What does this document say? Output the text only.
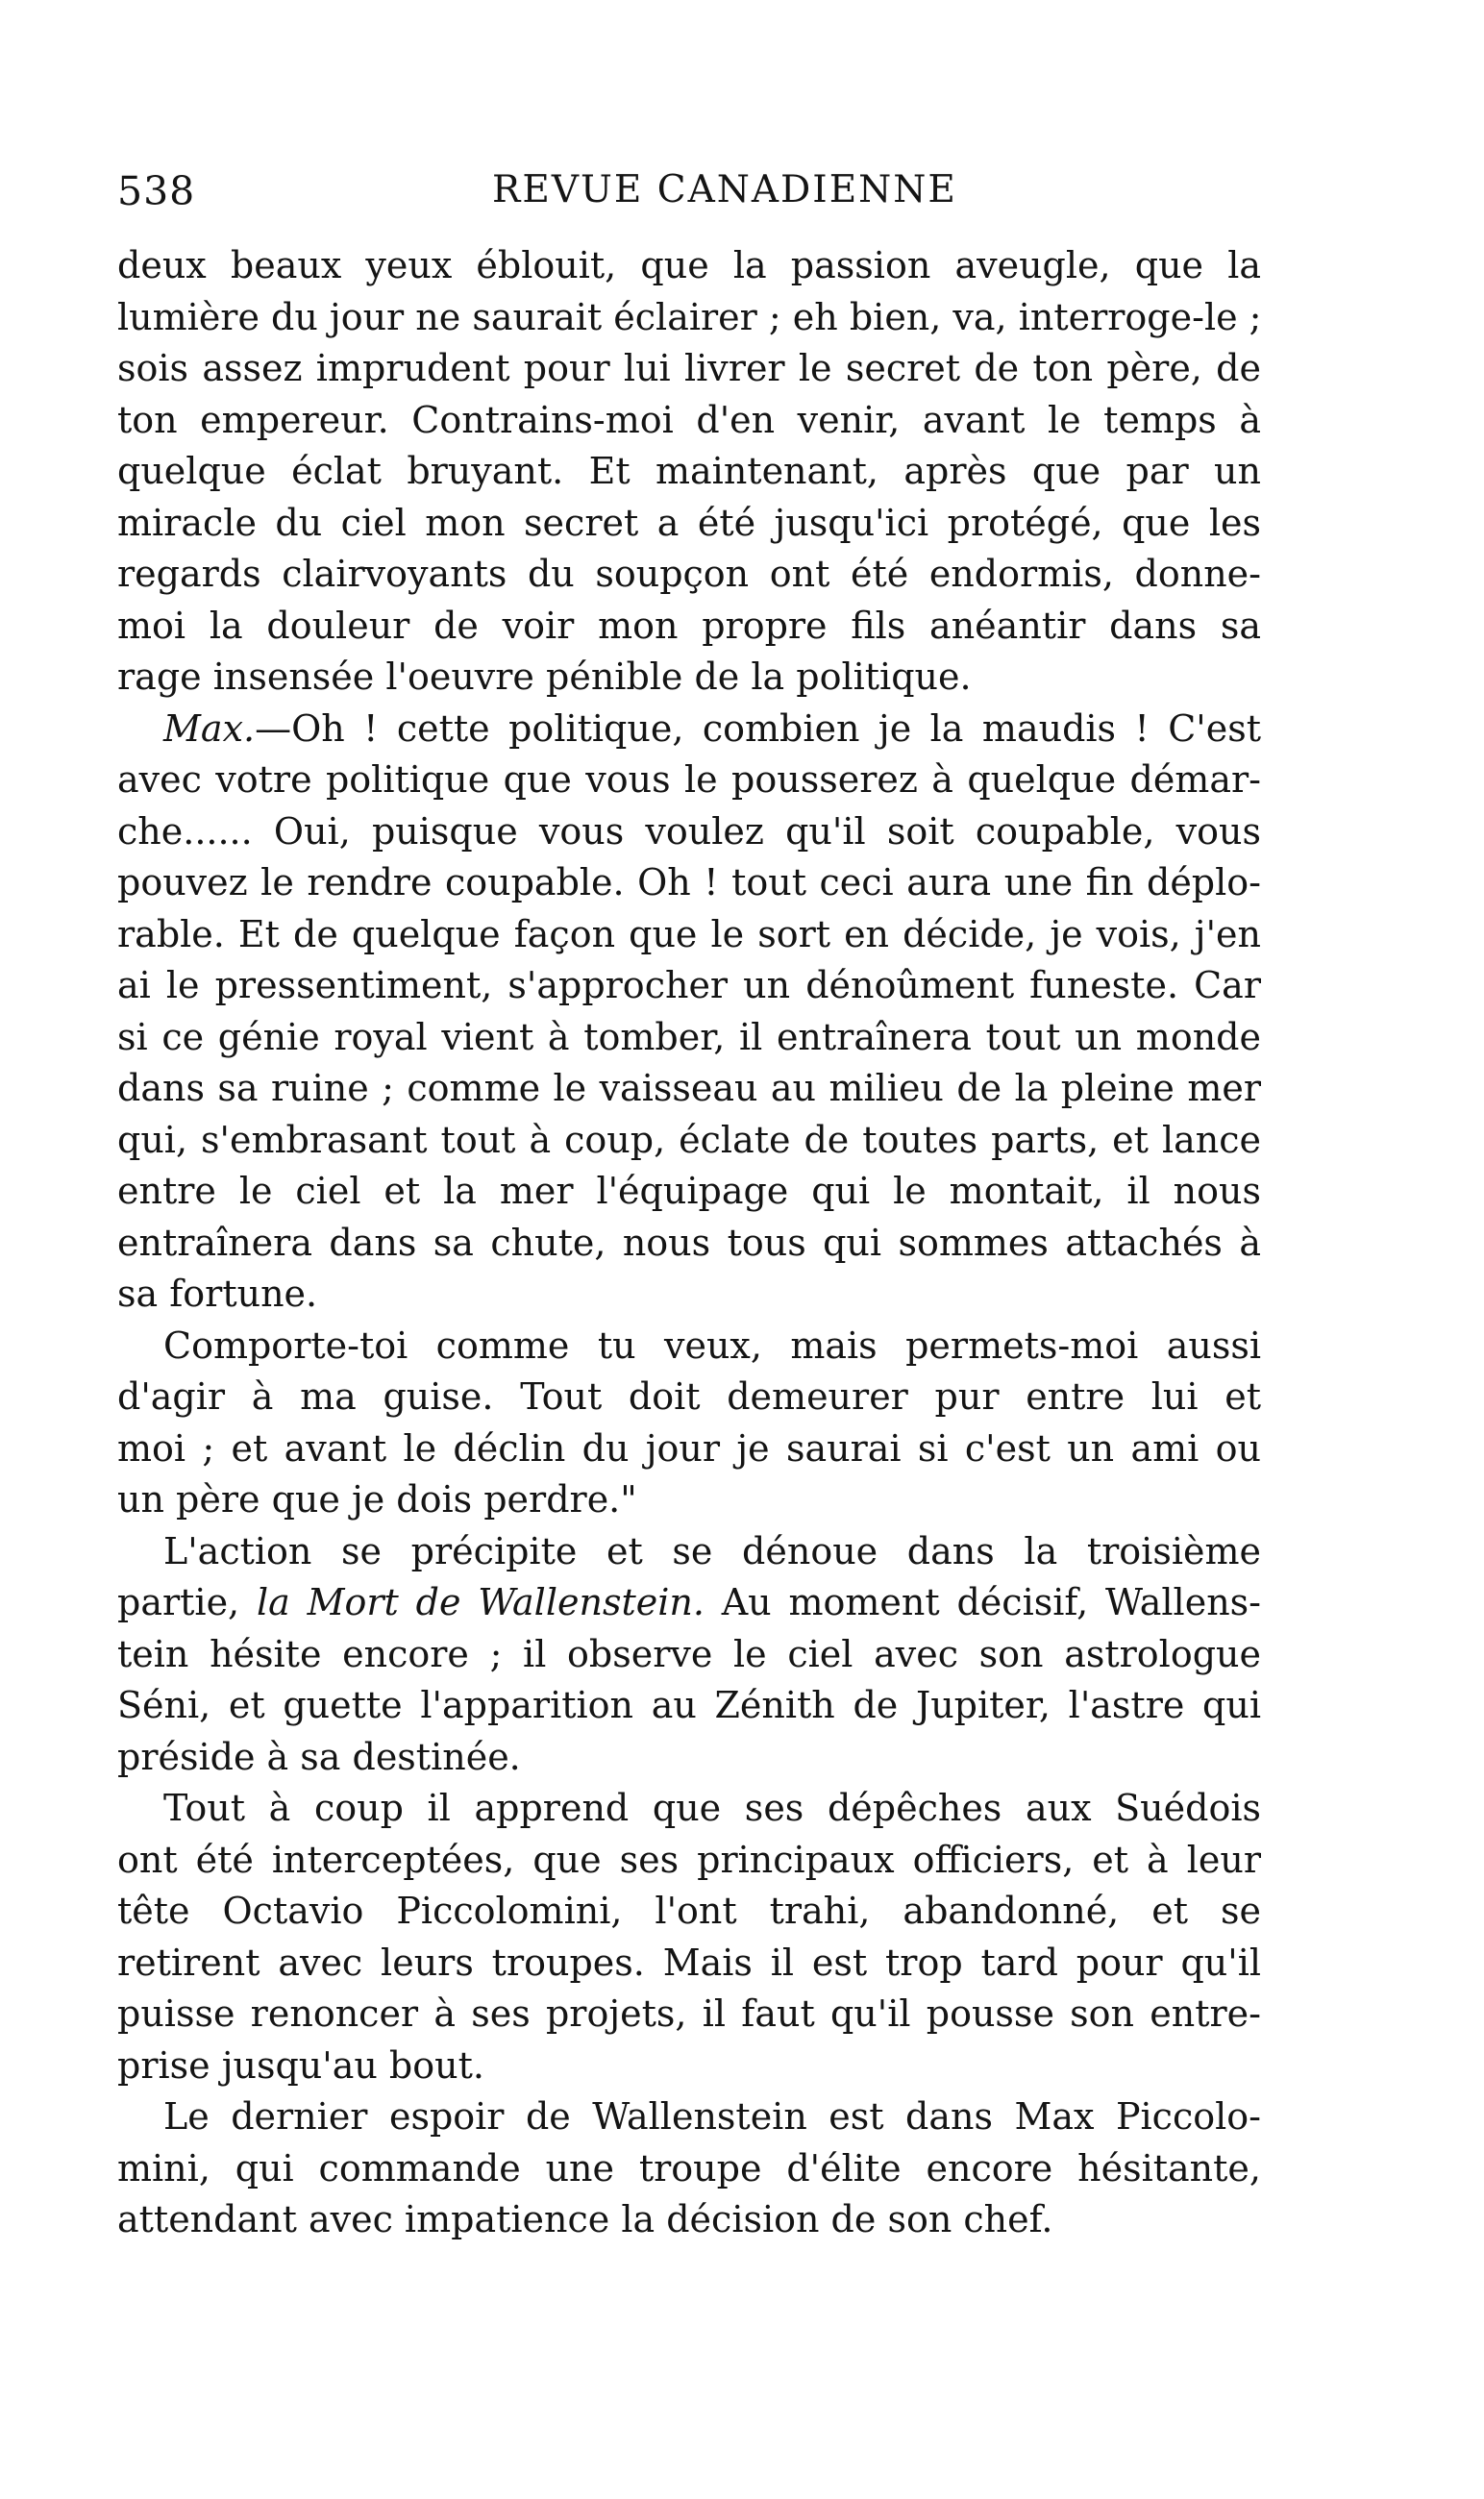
538	REVUE CANADIENNE
deux beaux yeux éblouit, que la passion aveugle, que la
lumière du jour ne saurait éclairer ; eh bien, va, interroge-le ;
sois assez imprudent pour lui livrer le secret de ton père, de
ton empereur. Contrains-moi d'en venir, avant le temps à
quelque éclat bruyant. Et maintenant, après que par un
miracle du ciel mon secret a été jusqu'ici protégé, que les
regards clairvoyants du soupçon ont été endormis, donne-
moi la douleur de voir mon propre fils anéantir dans sa
rage insensée l'oeuvre pénible de la politique.
Max.—Oh ! cette politique, combien je la maudis ! C'est
avec votre politique que vous le pousserez à quelque démar-
che...... Oui, puisque vous voulez qu'il soit coupable, vous
pouvez le rendre coupable. Oh ! tout ceci aura une fin déplo-
rable. Et de quelque façon que le sort en décide, je vois, j'en
ai le pressentiment, s'approcher un dénoûment funeste. Car
si ce génie royal vient à tomber, il entraînera tout un monde
dans sa ruine ; comme le vaisseau au milieu de la pleine mer
qui, s'embrasant tout à coup, éclate de toutes parts, et lance
entre le ciel et la mer l'équipage qui le montait, il nous
entraînera dans sa chute, nous tous qui sommes attachés à
sa fortune.
Comporte-toi comme tu veux, mais permets-moi aussi
d'agir à ma guise. Tout doit demeurer pur entre lui et
moi ; et avant le déclin du jour je saurai si c'est un ami ou
un père que je dois perdre."
L'action se précipite et se dénoue dans la troisième
partie, la Mort de Wallenstein. Au moment décisif, Wallens-
tein hésite encore ; il observe le ciel avec son astrologue
Séni, et guette l'apparition au Zénith de Jupiter, l'astre qui
préside à sa destinée.
Tout à coup il apprend que ses dépêches aux Suédois
ont été interceptées, que ses principaux officiers, et à leur
tête Octavio Piccolomini, l'ont trahi, abandonné, et se
retirent avec leurs troupes. Mais il est trop tard pour qu'il
puisse renoncer à ses projets, il faut qu'il pousse son entre-
prise jusqu'au bout.
Le dernier espoir de Wallenstein est dans Max Piccolo-
mini, qui commande une troupe d'élite encore hésitante,
attendant avec impatience la décision de son chef.
